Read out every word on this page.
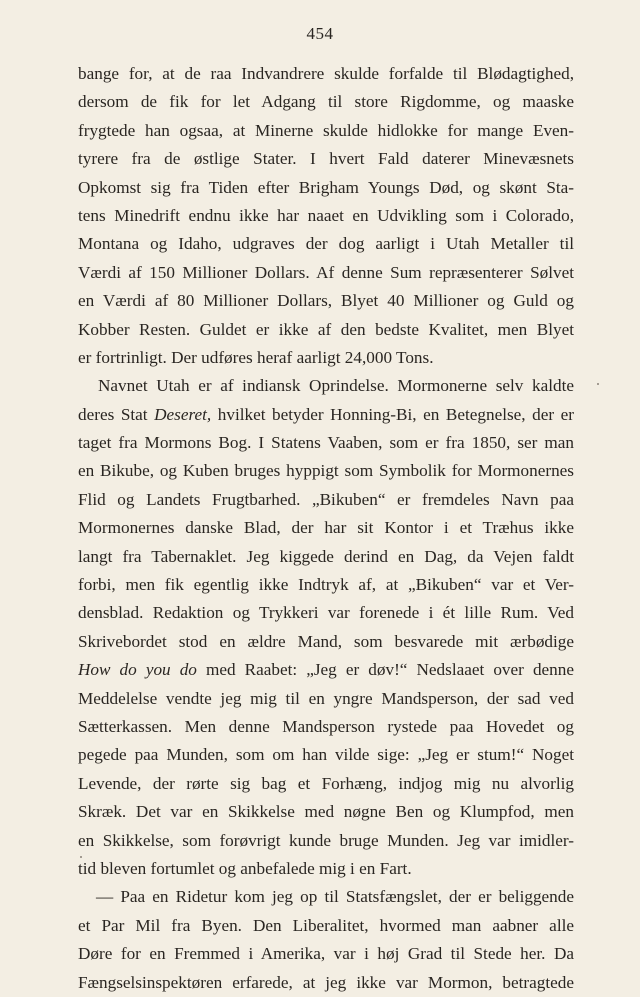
454
bange for, at de raa Indvandrere skulde forfalde til Blødagtighed,
dersom de fik for let Adgang til store Rigdomme, og maaske
frygtede han ogsaa, at Minerne skulde hidlokke for mange Even-
tyrere fra de østlige Stater. I hvert Fald daterer Minevæsnets
Opkomst sig fra Tiden efter Brigham Youngs Død, og skønt Sta-
tens Minedrift endnu ikke har naaet en Udvikling som i Colorado,
Montana og Idaho, udgraves der dog aarligt i Utah Metaller til
Værdi af 150 Millioner Dollars. Af denne Sum repræsenterer Sølvet
en Værdi af 80 Millioner Dollars, Blyet 40 Millioner og Guld og
Kobber Resten. Guldet er ikke af den bedste Kvalitet, men Blyet
er fortrinligt. Der udføres heraf aarligt 24,000 Tons.
Navnet Utah er af indiansk Oprindelse. Mormonerne selv kaldte
deres Stat Deseret, hvilket betyder Honning-Bi, en Betegnelse, der er
taget fra Mormons Bog. I Statens Vaaben, som er fra 1850, ser man
en Bikube, og Kuben bruges hyppigt som Symbolik for Mormonernes
Flid og Landets Frugtbarhed. „Bikuben“ er fremdeles Navn paa
Mormonernes danske Blad, der har sit Kontor i et Træhus ikke
langt fra Tabernaklet. Jeg kiggede derind en Dag, da Vejen faldt
forbi, men fik egentlig ikke Indtryk af, at „Bikuben“ var et Ver-
densblad. Redaktion og Trykkeri var forenede i ét lille Rum. Ved
Skrivebordet stod en ældre Mand, som besvarede mit ærbødige
How do you do med Raabet: „Jeg er døv!“ Nedslaaet over denne
Meddelelse vendte jeg mig til en yngre Mandsperson, der sad ved
Sætterkassen. Men denne Mandsperson rystede paa Hovedet og
pegede paa Munden, som om han vilde sige: „Jeg er stum!“ Noget
Levende, der rørte sig bag et Forhæng, indjog mig nu alvorlig
Skræk. Det var en Skikkelse med nøgne Ben og Klumpfod, men
en Skikkelse, som forøvrigt kunde bruge Munden. Jeg var imidler-
tid bleven fortumlet og anbefalede mig i en Fart.
— Paa en Ridetur kom jeg op til Statsfængslet, der er beliggende
et Par Mil fra Byen. Den Liberalitet, hvormed man aabner alle
Døre for en Fremmed i Amerika, var i høj Grad til Stede her. Da
Fængselsinspektøren erfarede, at jeg ikke var Mormon, betragtede
